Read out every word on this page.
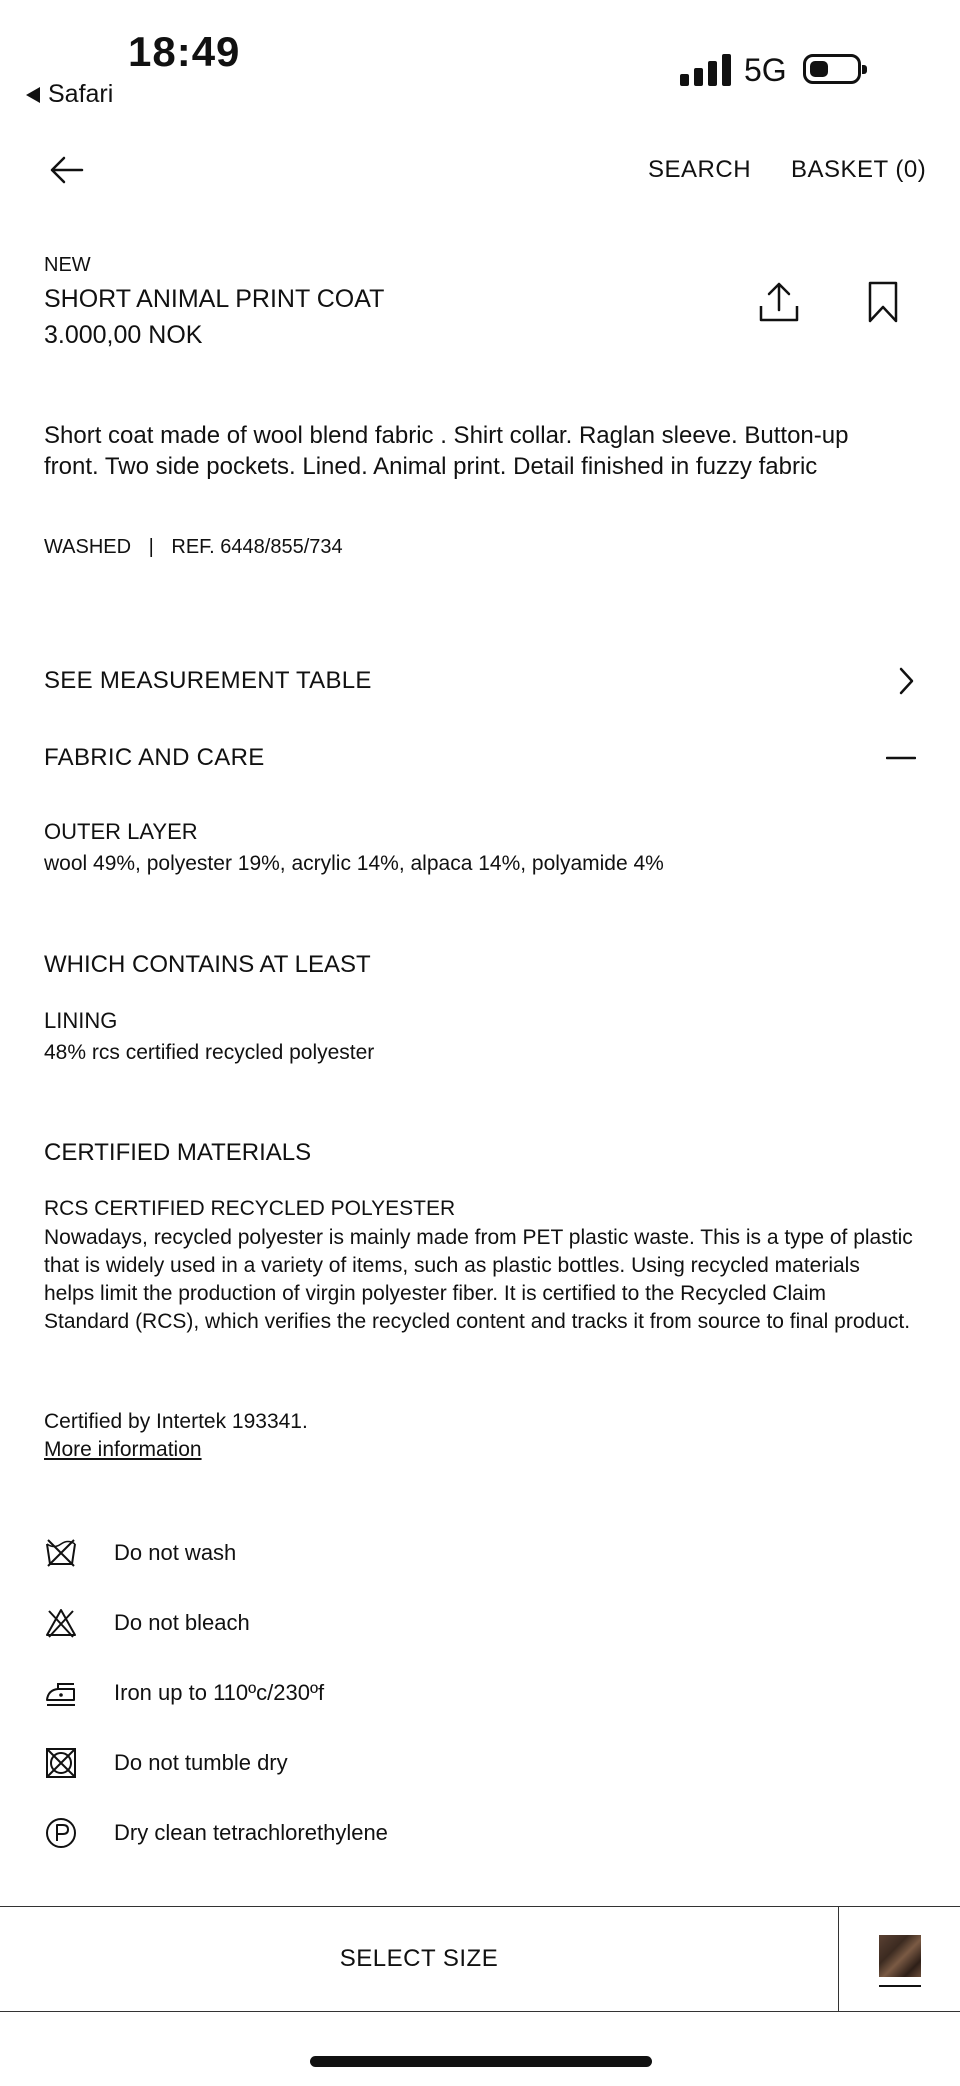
18:49
Safari
5G
SEARCH BASKET (0)
NEW
SHORT ANIMAL PRINT COAT
3.000,00 NOK
Short coat made of wool blend fabric . Shirt collar. Raglan sleeve. Button-up front. Two side pockets. Lined. Animal print. Detail finished in fuzzy fabric
WASHED | REF. 6448/855/734
SEE MEASUREMENT TABLE
FABRIC AND CARE
OUTER LAYER
wool 49%, polyester 19%, acrylic 14%, alpaca 14%, polyamide 4%
WHICH CONTAINS AT LEAST
LINING
48% rcs certified recycled polyester
CERTIFIED MATERIALS
RCS CERTIFIED RECYCLED POLYESTER
Nowadays, recycled polyester is mainly made from PET plastic waste. This is a type of plastic that is widely used in a variety of items, such as plastic bottles. Using recycled materials helps limit the production of virgin polyester fiber. It is certified to the Recycled Claim Standard (RCS), which verifies the recycled content and tracks it from source to final product.
Certified by Intertek 193341.
More information
Do not wash
Do not bleach
Iron up to 110ºc/230ºf
Do not tumble dry
Dry clean tetrachlorethylene
SELECT SIZE
